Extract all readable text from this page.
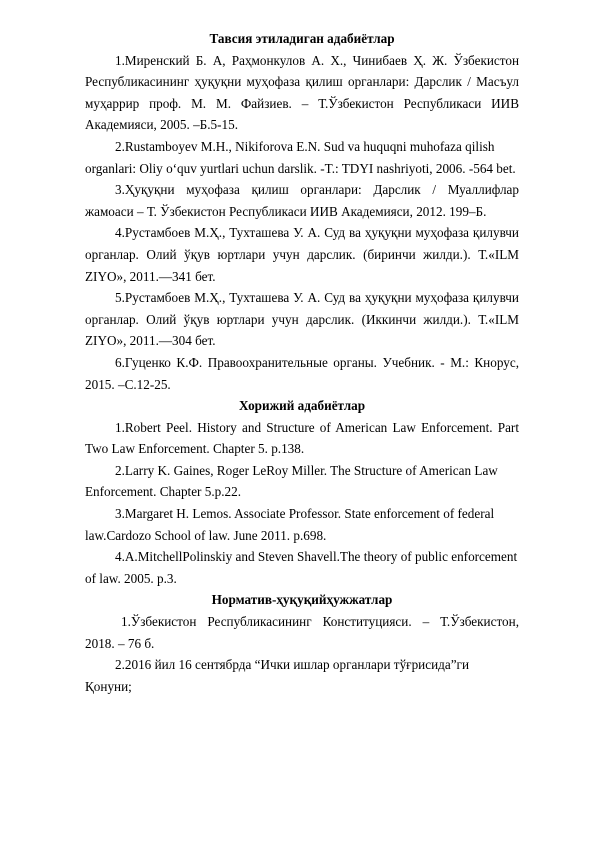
Тавсия этиладиган адабиётлар

1.Миренский Б. А, Раҳмонкулов А. Х., Чинибаев Ҳ. Ж. Ўзбекистон Республикасининг ҳуқуқни муҳофаза қилиш органлари: Дарслик / Масъул муҳаррир проф. М. М. Файзиев. – Т.Ўзбекистон Республикаси ИИВ Академияси, 2005. –Б.5-15.

2.Rustamboyev M.H., Nikiforova E.N. Sud va huquqni muhofaza qilish organlari: Oliy o‘quv yurtlari uchun darslik. -T.: TDYI nashriyoti, 2006. -564 bet.

3.Ҳуқуқни муҳофаза қилиш органлари: Дарслик / Муаллифлар жамоаси – Т. Ўзбекистон Республикаси ИИВ Академияси, 2012. 199–Б.

4.Рустамбоев М.Ҳ., Тухташева У. А. Суд ва ҳуқуқни муҳофаза қилувчи органлар. Олий ўқув юртлари учун дарслик. (биринчи жилди.). Т.«ILM ZIYO», 2011.—341 бет.

5.Рустамбоев М.Ҳ., Тухташева У. А. Суд ва ҳуқуқни муҳофаза қилувчи органлар. Олий ўқув юртлари учун дарслик. (Иккинчи жилди.). Т.«ILM ZIYO», 2011.—304 бет.

6.Гуценко К.Ф. Правоохранительные органы. Учебник. - М.: Кнорус, 2015. –С.12-25.

Хорижий адабиётлар

1.Robert Peel. History and Structure of American Law Enforcement. Part Two Law Enforcement. Chapter 5. p.138.

2.Larry K. Gaines, Roger LeRoy Miller. The Structure of American Law Enforcement. Chapter 5.p.22.

3.Margaret H. Lemos. Associate Professor. State enforcement of federal law.Cardozo School of law. June 2011. p.698.

4.A.MitchellPolinskiy and Steven Shavell.The theory of public enforcement of law. 2005. p.3.

Норматив-ҳуқуқийҳужжатлар

1.Ўзбекистон Республикасининг Конституцияси. – Т.Ўзбекистон, 2018. – 76 б.

2.2016 йил 16 сентябрда “Ички ишлар органлари тўғрисида”ги Қонуни;
